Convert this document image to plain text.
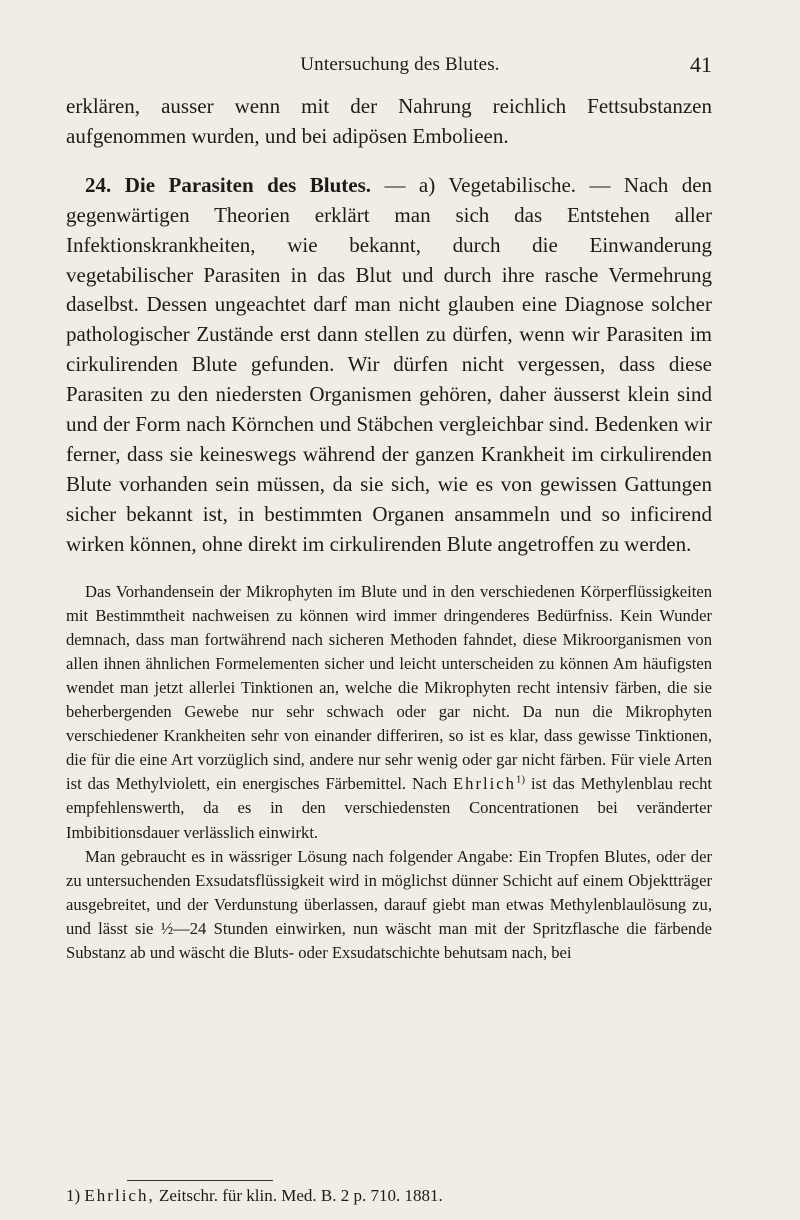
Untersuchung des Blutes.	41

erklären, ausser wenn mit der Nahrung reichlich Fettsubstanzen aufgenommen wurden, und bei adipösen Embolieen.

24. Die Parasiten des Blutes. — a) Vegetabilische. — Nach den gegenwärtigen Theorien erklärt man sich das Entstehen aller Infektionskrankheiten, wie bekannt, durch die Einwanderung vegetabilischer Parasiten in das Blut und durch ihre rasche Vermehrung daselbst. Dessen ungeachtet darf man nicht glauben eine Diagnose solcher pathologischer Zustände erst dann stellen zu dürfen, wenn wir Parasiten im cirkulirenden Blute gefunden. Wir dürfen nicht vergessen, dass diese Parasiten zu den niedersten Organismen gehören, daher äusserst klein sind und der Form nach Körnchen und Stäbchen vergleichbar sind. Bedenken wir ferner, dass sie keineswegs während der ganzen Krankheit im cirkulirenden Blute vorhanden sein müssen, da sie sich, wie es von gewissen Gattungen sicher bekannt ist, in bestimmten Organen ansammeln und so inficirend wirken können, ohne direkt im cirkulirenden Blute angetroffen zu werden.

Das Vorhandensein der Mikrophyten im Blute und in den verschiedenen Körperflüssigkeiten mit Bestimmtheit nachweisen zu können wird immer dringenderes Bedürfniss. Kein Wunder demnach, dass man fortwährend nach sicheren Methoden fahndet, diese Mikroorganismen von allen ihnen ähnlichen Formelementen sicher und leicht unterscheiden zu können Am häufigsten wendet man jetzt allerlei Tinktionen an, welche die Mikrophyten recht intensiv färben, die sie beherbergenden Gewebe nur sehr schwach oder gar nicht. Da nun die Mikrophyten verschiedener Krankheiten sehr von einander differiren, so ist es klar, dass gewisse Tinktionen, die für die eine Art vorzüglich sind, andere nur sehr wenig oder gar nicht färben. Für viele Arten ist das Methylviolett, ein energisches Färbemittel. Nach Ehrlich$^{1)}$ ist das Methylenblau recht empfehlenswerth, da es in den verschiedensten Concentrationen bei veränderter Imbibitionsdauer verlässlich einwirkt.

Man gebraucht es in wässriger Lösung nach folgender Angabe: Ein Tropfen Blutes, oder der zu untersuchenden Exsudatsflüssigkeit wird in möglichst dünner Schicht auf einem Objektträger ausgebreitet, und der Verdunstung überlassen, darauf giebt man etwas Methylenblaulösung zu, und lässt sie ½—24 Stunden einwirken, nun wäscht man mit der Spritzflasche die färbende Substanz ab und wäscht die Bluts- oder Exsudatschichte behutsam nach, bei

1) Ehrlich, Zeitschr. für klin. Med. B. 2 p. 710. 1881.
